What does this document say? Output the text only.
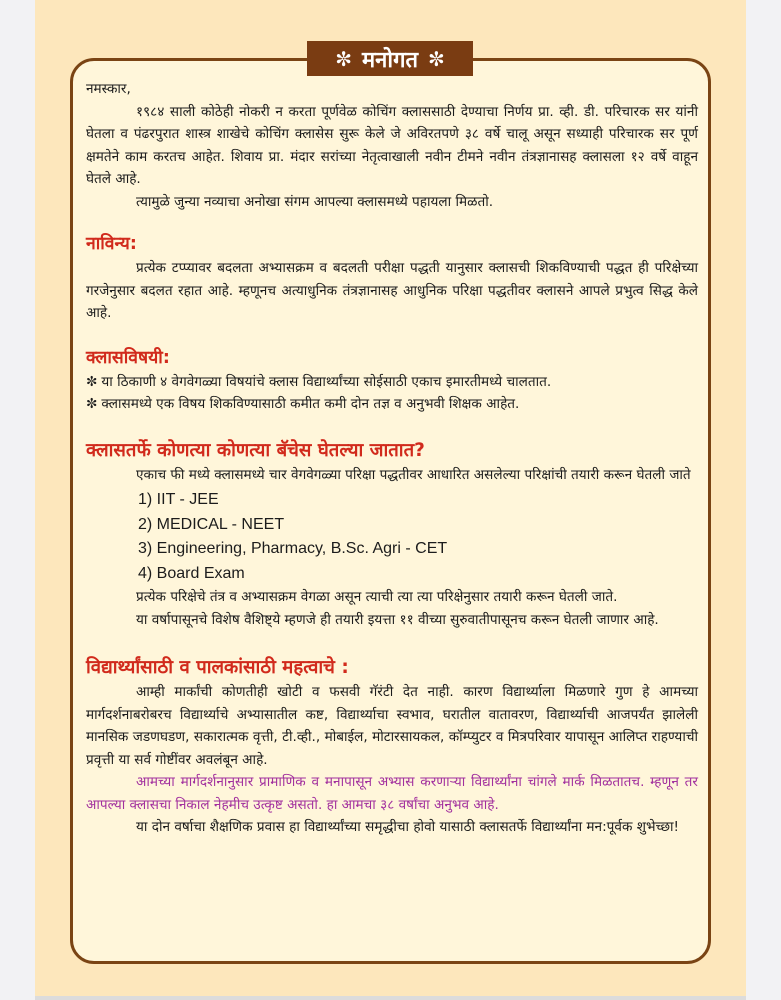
✼ मनोगत ✼

नमस्कार,

१९८४ साली कोठेही नोकरी न करता पूर्णवेळ कोचिंग क्लाससाठी देण्याचा निर्णय प्रा. व्ही. डी. परिचारक सर यांनी घेतला व पंढरपुरात शास्त्र शाखेचे कोचिंग क्लासेस सुरू केले जे अविरतपणे ३८ वर्षे चालू असून सध्याही परिचारक सर पूर्ण क्षमतेने काम करतच आहेत. शिवाय प्रा. मंदार सरांच्या नेतृत्वाखाली नवीन टीमने नवीन तंत्रज्ञानासह क्लासला १२ वर्षे वाहून घेतले आहे.

त्यामुळे जुन्या नव्याचा अनोखा संगम आपल्या क्लासमध्ये पहायला मिळतो.

नाविन्य:

प्रत्येक टप्प्यावर बदलता अभ्यासक्रम व बदलती परीक्षा पद्धती यानुसार क्लासची शिकविण्याची पद्धत ही परिक्षेच्या गरजेनुसार बदलत रहात आहे. म्हणूनच अत्याधुनिक तंत्रज्ञानासह आधुनिक परिक्षा पद्धतीवर क्लासने आपले प्रभुत्व सिद्ध केले आहे.

क्लासविषयी:

✼ या ठिकाणी ४ वेगवेगळ्या विषयांचे क्लास विद्यार्थ्यांच्या सोईसाठी एकाच इमारतीमध्ये चालतात.

✼ क्लासमध्ये एक विषय शिकविण्यासाठी कमीत कमी दोन तज्ञ व अनुभवी शिक्षक आहेत.

क्लासतर्फे कोणत्या कोणत्या बॅचेस घेतल्या जातात?

एकाच फी मध्ये क्लासमध्ये चार वेगवेगळ्या परिक्षा पद्धतीवर आधारित असलेल्या परिक्षांची तयारी करून घेतली जाते

1) IIT - JEE
2) MEDICAL - NEET
3) Engineering, Pharmacy, B.Sc. Agri - CET
4) Board Exam

प्रत्येक परिक्षेचे तंत्र व अभ्यासक्रम वेगळा असून त्याची त्या त्या परिक्षेनुसार तयारी करून घेतली जाते.

या वर्षापासूनचे विशेष वैशिष्ट्ये म्हणजे ही तयारी इयत्ता ११ वीच्या सुरुवातीपासूनच करून घेतली जाणार आहे.

विद्यार्थ्यांसाठी व पालकांसाठी महत्वाचे :

आम्ही मार्कांची कोणतीही खोटी व फसवी गॅरंटी देत नाही. कारण विद्यार्थ्याला मिळणारे गुण हे आमच्या मार्गदर्शनाबरोबरच विद्यार्थ्याचे अभ्यासातील कष्ट, विद्यार्थ्याचा स्वभाव, घरातील वातावरण, विद्यार्थ्याची आजपर्यंत झालेली मानसिक जडणघडण, सकारात्मक वृत्ती, टी.व्ही., मोबाईल, मोटारसायकल, कॉम्प्युटर व मित्रपरिवार यापासून आलिप्त राहण्याची प्रवृत्ती या सर्व गोष्टींवर अवलंबून आहे.

आमच्या मार्गदर्शनानुसार प्रामाणिक व मनापासून अभ्यास करणाऱ्या विद्यार्थ्यांना चांगले मार्क मिळतातच. म्हणून तर आपल्या क्लासचा निकाल नेहमीच उत्कृष्ट असतो. हा आमचा ३८ वर्षांचा अनुभव आहे.

या दोन वर्षाचा शैक्षणिक प्रवास हा विद्यार्थ्यांच्या समृद्धीचा होवो यासाठी क्लासतर्फे विद्यार्थ्यांना मन:पूर्वक शुभेच्छा!
